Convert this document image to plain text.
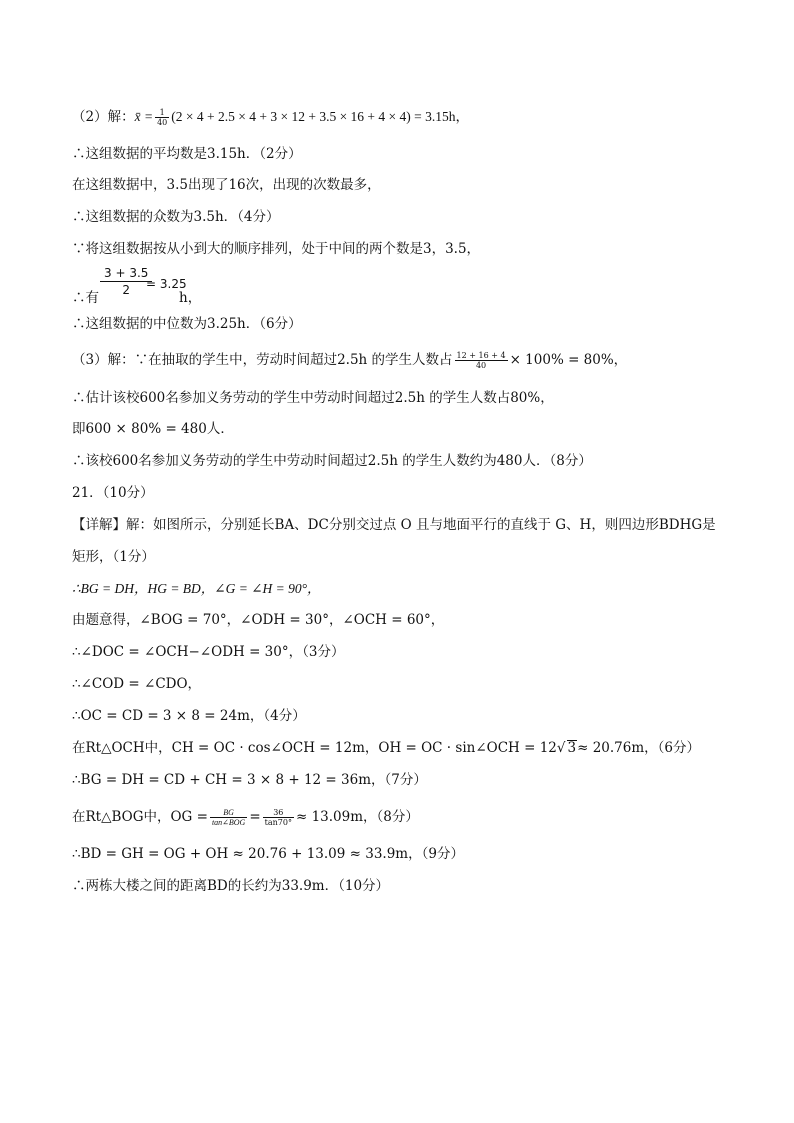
（2）解：x̄ = $\frac{1}{40} (2 \times 4 + 2.5 \times 4 + 3 \times 12 + 3.5 \times 16 + 4 \times 4) = 3.15h$，
∴这组数据的平均数是3.15h．（2分）
在这组数据中，3.5出现了16次，出现的次数最多，
∴这组数据的众数为3.5h．（4分）
∵将这组数据按从小到大的顺序排列，处于中间的两个数是3，3.5，
$\frac{3 + 3.5}{2}$
= 3.25
∴有	h，
∴这组数据的中位数为3.25h．（6分）
（3）解：∵在抽取的学生中，劳动时间超过2.5h 的学生人数占 $\frac{12 + 16 + 4}{40} \times 100\% = 80\%$，
∴估计该校600名参加义务劳动的学生中劳动时间超过2.5h 的学生人数占80%，
即600 × 80% = 480人．
∴该校600名参加义务劳动的学生中劳动时间超过2.5h 的学生人数约为480人．（8分）
21．（10分）
【详解】解：如图所示，分别延长BA、DC分别交过点 O 且与地面平行的直线于 G、H，则四边形BDHG是
矩形，（1分）
∴BG = DH，HG = BD，∠G = ∠H = 90°，
由题意得，∠BOG = 70°，∠ODH = 30°，∠OCH = 60°，
∴∠DOC = ∠OCH−∠ODH = 30°，（3分）
∴∠COD = ∠CDO，
∴OC = CD = 3 × 8 = 24m，（4分）
在Rt△OCH中，CH = OC · cos∠OCH = 12m，OH = OC · sin∠OCH = 12√ 3≈ 20.76m，（6分）
∴BG = DH = CD + CH = 3 × 8 + 12 = 36m，（7分）
在Rt△BOG中，OG = $\frac{BG}{\text{tan∠BOG}} = \frac{36}{\tan 70^\circ} \approx 13.09m$，（8分）
∴BD = GH = OG + OH ≈ 20.76 + 13.09 ≈ 33.9m，（9分）
∴两栋大楼之间的距离BD的长约为33.9m．（10分）
